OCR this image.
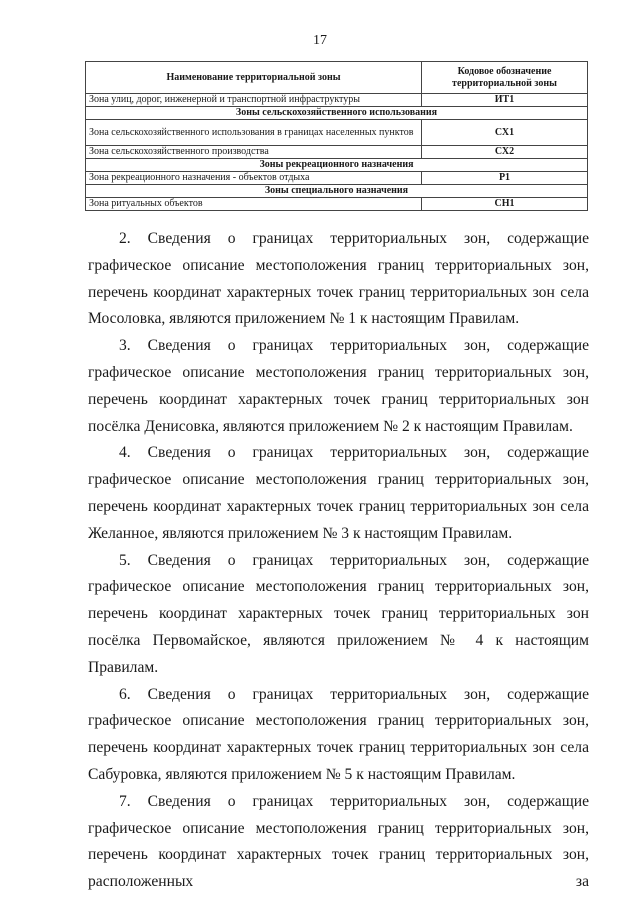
17
Наименование территориальной зоны	Кодовое обозначение территориальной зоны
Зона улиц, дорог, инженерной и транспортной инфраструктуры	ИТ1
Зоны сельскохозяйственного использования	
Зона сельскохозяйственного использования в границах населенных пунктов	СХ1
Зона сельскохозяйственного производства	СХ2
Зоны рекреационного назначения	
Зона рекреационного назначения - объектов отдыха	Р1
Зоны специального назначения	
Зона ритуальных объектов	СН1

2. Сведения о границах территориальных зон, содержащие графическое описание местоположения границ территориальных зон, перечень координат характерных точек границ территориальных зон села Мосоловка, являются приложением № 1 к настоящим Правилам.

3. Сведения о границах территориальных зон, содержащие графическое описание местоположения границ территориальных зон, перечень координат характерных точек границ территориальных зон посёлка Денисовка, являются приложением № 2 к настоящим Правилам.

4. Сведения о границах территориальных зон, содержащие графическое описание местоположения границ территориальных зон, перечень координат характерных точек границ территориальных зон села Желанное, являются приложением № 3 к настоящим Правилам.

5. Сведения о границах территориальных зон, содержащие графическое описание местоположения границ территориальных зон, перечень координат характерных точек границ территориальных зон посёлка Первомайское, являются приложением № 4 к настоящим Правилам.

6. Сведения о границах территориальных зон, содержащие графическое описание местоположения границ территориальных зон, перечень координат характерных точек границ территориальных зон села Сабуровка, являются приложением № 5 к настоящим Правилам.

7. Сведения о границах территориальных зон, содержащие графическое описание местоположения границ территориальных зон, перечень координат характерных точек границ территориальных зон, расположенных за
